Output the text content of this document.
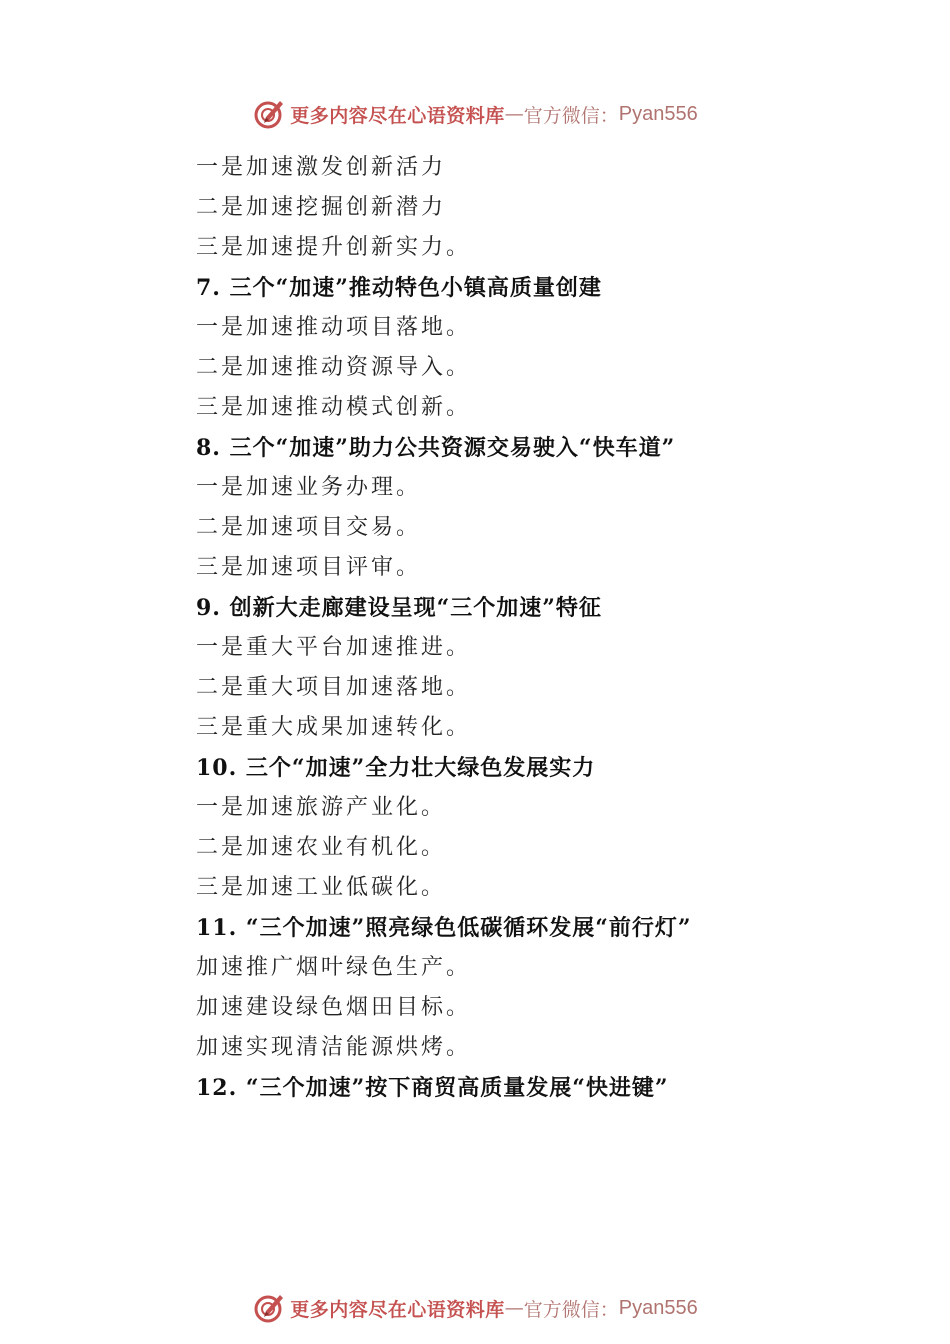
更多内容尽在心语资料库 — 官方微信： Pyan556
一是加速激发创新活力
二是加速挖掘创新潜力
三是加速提升创新实力。
7. 三个“加速”推动特色小镇高质量创建
一是加速推动项目落地。
二是加速推动资源导入。
三是加速推动模式创新。
8. 三个“加速”助力公共资源交易驶入“快车道”
一是加速业务办理。
二是加速项目交易。
三是加速项目评审。
9. 创新大走廊建设呈现“三个加速”特征
一是重大平台加速推进。
二是重大项目加速落地。
三是重大成果加速转化。
10. 三个“加速”全力壮大绿色发展实力
一是加速旅游产业化。
二是加速农业有机化。
三是加速工业低碳化。
11. “三个加速”照亮绿色低碳循环发展“前行灯”
加速推广烟叶绿色生产。
加速建设绿色烟田目标。
加速实现清洁能源烘烤。
12. “三个加速”按下商贸高质量发展“快进键”
更多内容尽在心语资料库 — 官方微信： Pyan556
